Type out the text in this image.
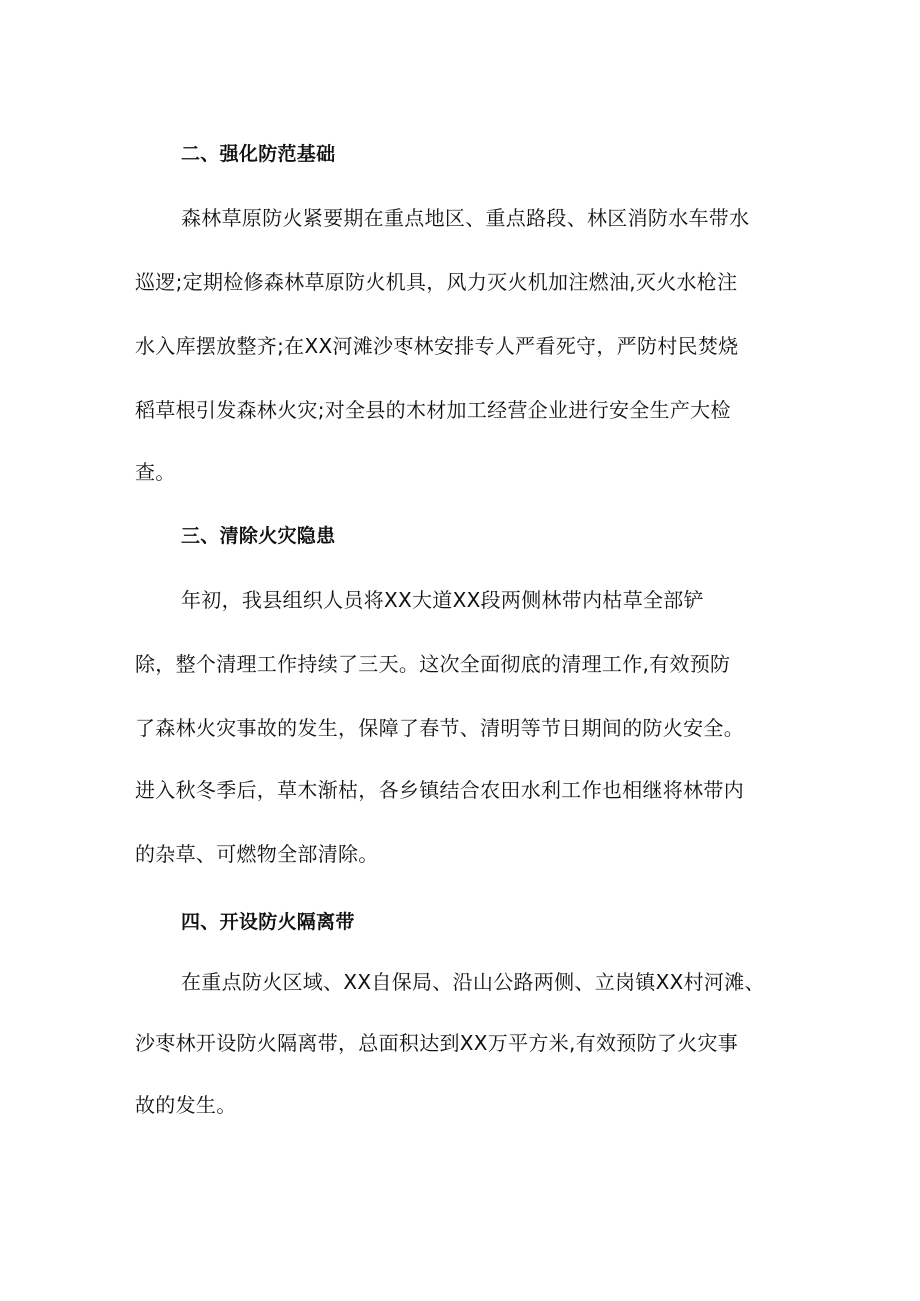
二、强化防范基础
森林草原防火紧要期在重点地区、重点路段、林区消防水车带水
巡逻;定期检修森林草原防火机具，风力灭火机加注燃油,灭火水枪注
水入库摆放整齐;在XX河滩沙枣林安排专人严看死守，严防村民焚烧
稻草根引发森林火灾;对全县的木材加工经营企业进行安全生产大检
查。
三、清除火灾隐患
年初，我县组织人员将XX大道XX段两侧林带内枯草全部铲
除，整个清理工作持续了三天。这次全面彻底的清理工作,有效预防
了森林火灾事故的发生，保障了春节、清明等节日期间的防火安全。
进入秋冬季后，草木渐枯，各乡镇结合农田水利工作也相继将林带内
的杂草、可燃物全部清除。
四、开设防火隔离带
在重点防火区域、XX自保局、沿山公路两侧、立岗镇XX村河滩、
沙枣林开设防火隔离带，总面积达到XX万平方米,有效预防了火灾事
故的发生。
